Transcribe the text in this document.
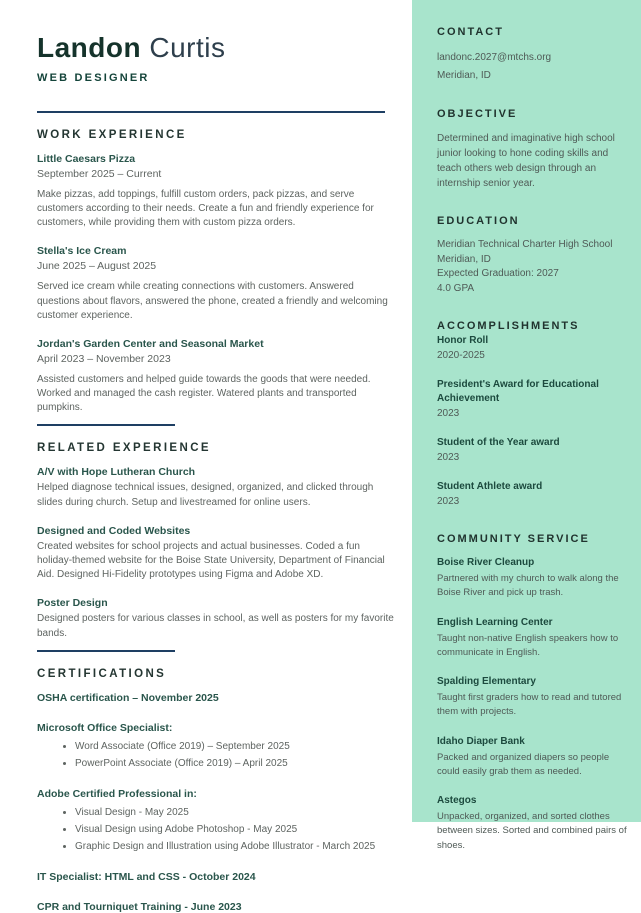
Landon Curtis
WEB DESIGNER
WORK EXPERIENCE
Little Caesars Pizza
September 2025 – Current
Make pizzas, add toppings, fulfill custom orders, pack pizzas, and serve customers according to their needs. Create a fun and friendly experience for customers, while providing them with custom pizza orders.
Stella's Ice Cream
June 2025 – August 2025
Served ice cream while creating connections with customers. Answered questions about flavors, answered the phone, created a friendly and welcoming customer experience.
Jordan's Garden Center and Seasonal Market
April 2023 – November 2023
Assisted customers and helped guide towards the goods that were needed. Worked and managed the cash register. Watered plants and transported pumpkins.
RELATED EXPERIENCE
A/V with Hope Lutheran Church
Helped diagnose technical issues, designed, organized, and clicked through slides during church. Setup and livestreamed for online users.
Designed and Coded Websites
Created websites for school projects and actual businesses. Coded a fun holiday-themed website for the Boise State University, Department of Financial Aid. Designed Hi-Fidelity prototypes using Figma and Adobe XD.
Poster Design
Designed posters for various classes in school, as well as posters for my favorite bands.
CERTIFICATIONS
OSHA certification – November 2025
Microsoft Office Specialist:
• Word Associate (Office 2019) – September 2025
• PowerPoint Associate (Office 2019) – April 2025
Adobe Certified Professional in:
• Visual Design - May 2025
• Visual Design using Adobe Photoshop - May 2025
• Graphic Design and Illustration using Adobe Illustrator - March 2025
IT Specialist: HTML and CSS - October 2024
CPR and Tourniquet Training - June 2023
CONTACT
landonc.2027@mtchs.org
Meridian, ID
OBJECTIVE
Determined and imaginative high school junior looking to hone coding skills and teach others web design through an internship senior year.
EDUCATION
Meridian Technical Charter High School
Meridian, ID
Expected Graduation: 2027
4.0 GPA
ACCOMPLISHMENTS
Honor Roll
2020-2025
President's Award for Educational Achievement
2023
Student of the Year award
2023
Student Athlete award
2023
COMMUNITY SERVICE
Boise River Cleanup
Partnered with my church to walk along the Boise River and pick up trash.
English Learning Center
Taught non-native English speakers how to communicate in English.
Spalding Elementary
Taught first graders how to read and tutored them with projects.
Idaho Diaper Bank
Packed and organized diapers so people could easily grab them as needed.
Astegos
Unpacked, organized, and sorted clothes between sizes. Sorted and combined pairs of shoes.
